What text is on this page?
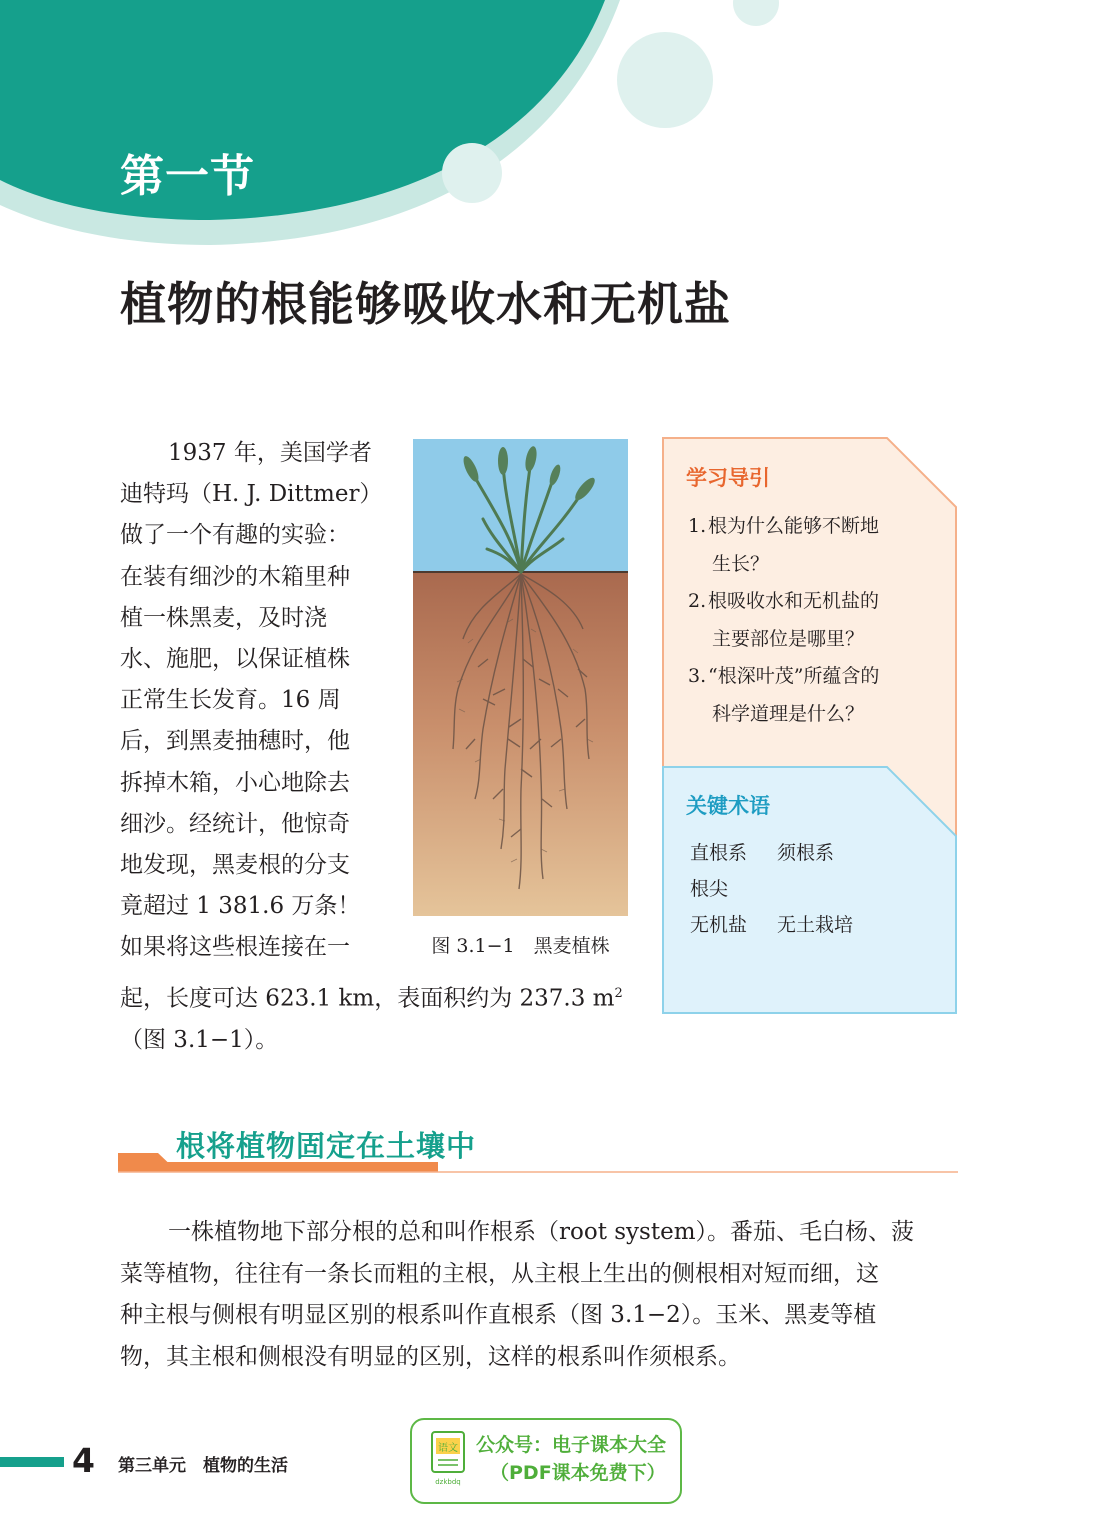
第一节
植物的根能够吸收水和无机盐

1937 年，美国学者

迪特玛（H. J. Dittmer）

做了一个有趣的实验：

在装有细沙的木箱里种

植一株黑麦，及时浇

水、施肥，以保证植株

正常生长发育。16 周

后，到黑麦抽穗时，他

拆掉木箱，小心地除去

细沙。经统计，他惊奇

地发现，黑麦根的分支

竟超过 1 381.6 万条！

如果将这些根连接在一

起，长度可达 623.1 km，表面积约为 237.3 $m^2$

（图 3.1−1）。

图 3.1−1　黑麦植株
学习导引
1.根为什么能够不断地
生长？
2.根吸收水和无机盐的
主要部位是哪里？
3.“根深叶茂”所蕴含的
科学道理是什么？
关键术语
直根系 须根系
根尖
无机盐 无土栽培
根将植物固定在土壤中

一株植物地下部分根的总和叫作根系（root system）。番茄、毛白杨、菠

菜等植物，往往有一条长而粗的主根，从主根上生出的侧根相对短而细，这

种主根与侧根有明显区别的根系叫作直根系（图 3.1−2）。玉米、黑麦等植

物，其主根和侧根没有明显的区别，这样的根系叫作须根系。

4 第三单元　植物的生活
语文
dzkbdq
公众号：电子课本大全
（PDF课本免费下）
